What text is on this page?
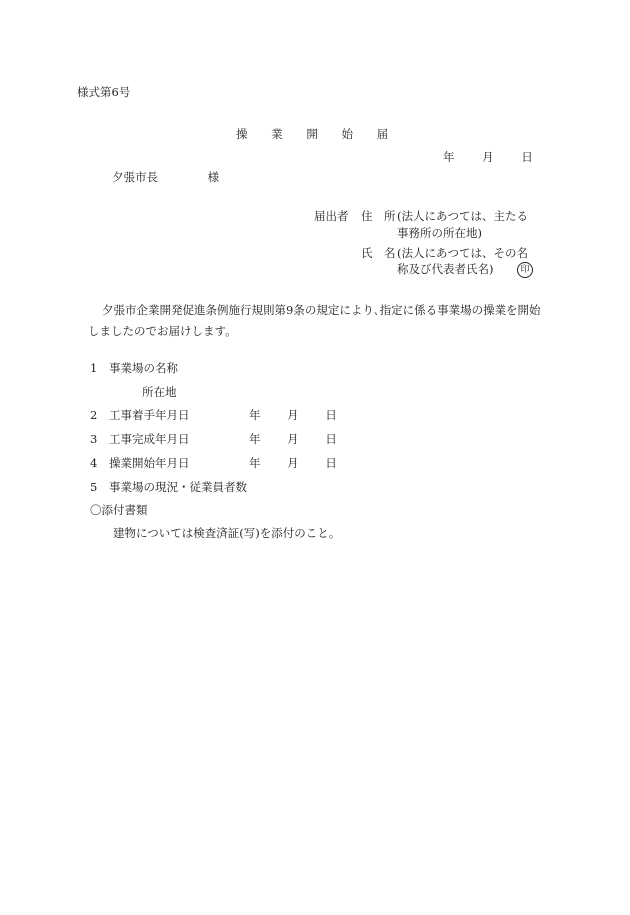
様式第6号
操 業 開 始 届
年 月 日
夕張市長	様
届出者 住　所 (法人にあつては、主たる
事務所の所在地)
氏　名 (法人にあつては、その名
称及び代表者氏名)	印
夕張市企業開発促進条例施行規則第9条の規定により､指定に係る事業場の操業を開始
しましたのでお届けします。
1 事業場の名称
所在地
2 工事着手年月日	年 月 日
3 工事完成年月日	年 月 日
4 操業開始年月日	年 月 日
5 事業場の現況・従業員者数
〇添付書類
建物については検査済証(写)を添付のこと。
